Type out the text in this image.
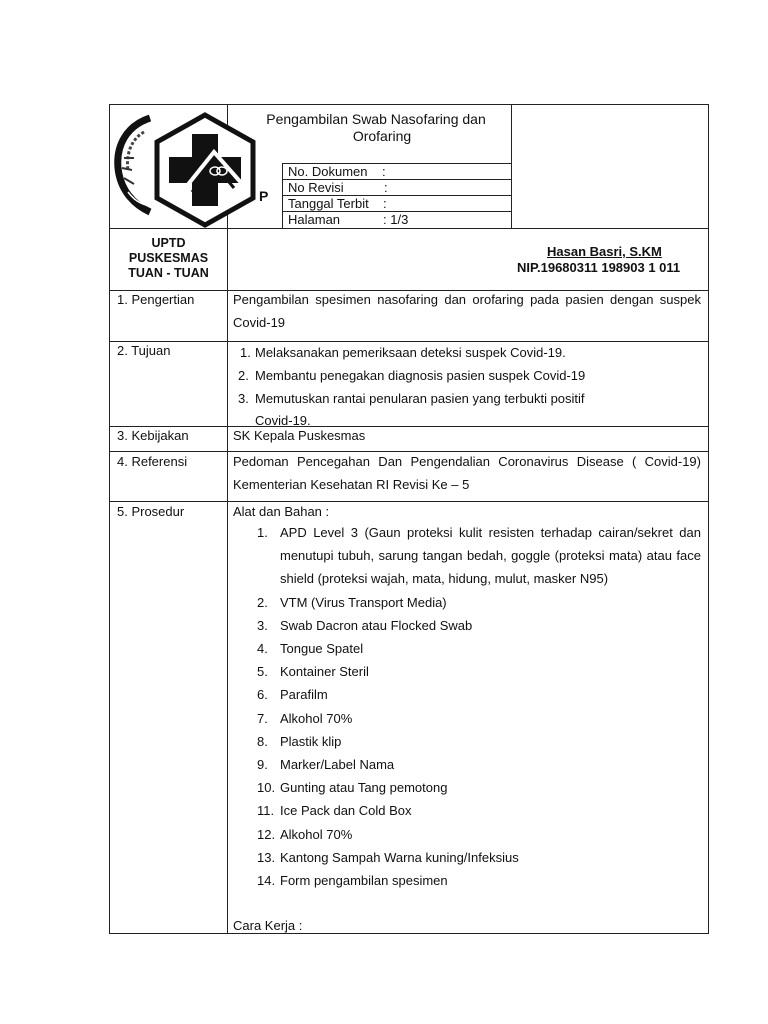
Pengambilan Swab Nasofaring dan
Orofaring
P
No. Dokumen :
No Revisi	:
Tanggal Terbit :
Halaman	: 1/3
UPTD
PUSKESMAS
TUAN - TUAN
Hasan Basri, S.KM
NIP.19680311 198903 1 011
1. Pengertian
2. Tujuan
3. Kebijakan
4. Referensi
5. Prosedur
Pengambilan spesimen nasofaring dan orofaring pada pasien dengan suspek Covid-19
1. Melaksanakan pemeriksaan deteksi suspek Covid-19.
2. Membantu penegakan diagnosis pasien suspek Covid-19
3. Memutuskan rantai penularan pasien yang terbukti positif
Covid-19.
SK Kepala Puskesmas
Pedoman Pencegahan Dan Pengendalian Coronavirus Disease ( Covid-19) Kementerian Kesehatan RI Revisi Ke – 5
Alat dan Bahan :
1. APD Level 3 (Gaun proteksi kulit resisten terhadap cairan/sekret dan menutupi tubuh, sarung tangan bedah, goggle (proteksi mata) atau face shield (proteksi wajah, mata, hidung, mulut, masker N95)
2. VTM (Virus Transport Media)
3. Swab Dacron atau Flocked Swab
4. Tongue Spatel
5. Kontainer Steril
6. Parafilm
7. Alkohol 70%
8. Plastik klip
9. Marker/Label Nama
10. Gunting atau Tang pemotong
11. Ice Pack dan Cold Box
12. Alkohol 70%
13. Kantong Sampah Warna kuning/Infeksius
14. Form pengambilan spesimen
Cara Kerja :
